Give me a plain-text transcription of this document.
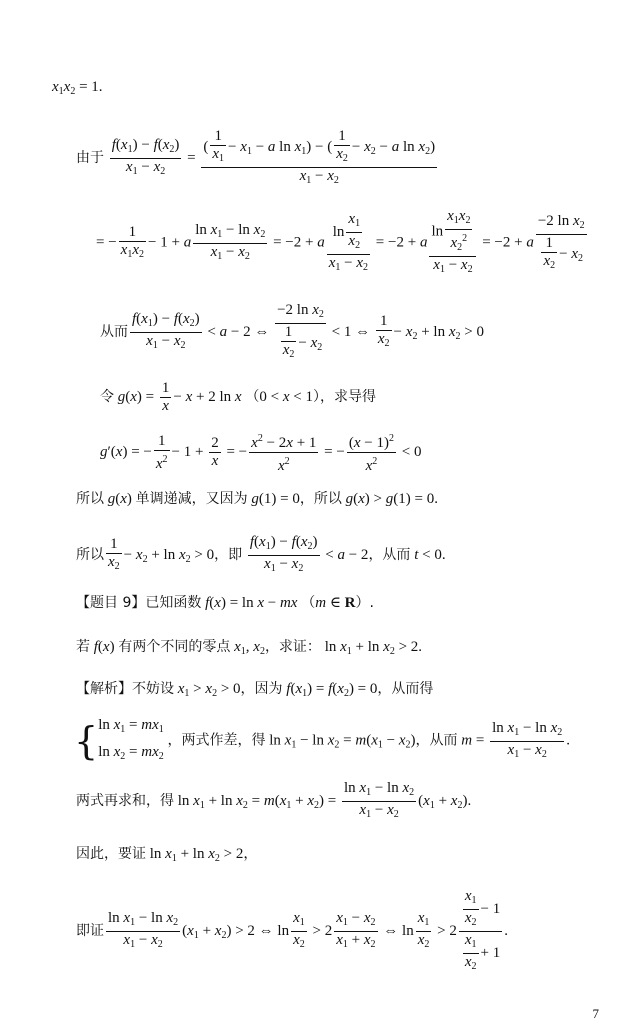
$x_1x_2 = 1$.
由于 $\frac{f(x_1) - f(x_2)}{x_1 - x_2} = \frac{( \frac{1}{x_1} - x_1 - a \ln x_1) - ( \frac{1}{x_2} - x_2 - a \ln x_2)}{x_1 - x_2}$
= − $\frac{1}{x_1x_2} - 1 + a \frac{\ln x_1 - \ln x_2}{x_1 - x_2} = -2 + a \frac{\ln \frac{x_1}{x_2}}{x_1 - x_2} = -2 + a \frac{\ln \frac{x_1x_2}{x_2^2}}{x_1 - x_2} = -2 + a \frac{-2 \ln x_2}{\frac{1}{x_2} - x_2}$
从而 $\frac{f(x_1) - f(x_2)}{x_1 - x_2} < a - 2$ ⇔ $\frac{-2 \ln x_2}{\frac{1}{x_2} - x_2} < 1$ ⇔ $\frac{1}{x_2} - x_2 + \ln x_2 > 0$
令 $g(x) = \frac{1}{x} - x + 2$ ln x （0 < x < 1），求导得
g′(x) = − $\frac{1}{x^2} - 1 + \frac{2}{x}$ = − $\frac{x^2 - 2x + 1}{x^2}$ = − $\frac{(x - 1)^2}{x^2} < 0$
所以 g(x) 单调递减，又因为 g(1) = 0，所以 g(x) > g(1) = 0.
所以 $\frac{1}{x_2} - x_2 + \ln x_2 > 0$，即 $\frac{f(x_1) - f(x_2)}{x_1 - x_2} < a - 2$，从而 t < 0.
【题目 9】已知函数 f(x) = ln x − mx （m ∈ R）.
若 f(x) 有两个不同的零点 $x_1$, $x_2$，求证： $\ln x_1 + \ln x_2 > 2$.
【解析】不妨设 $x_1 > x_2 > 0$，因为 $f(x_1) = f(x_2) = 0$，从而得
{ln $x_1 = mx_1$
$\ln x_2 = mx_2$ ，两式作差，得 $\ln x_1 - \ln x_2 = m(x_1 - x_2)$，从而 $m = \frac{\ln x_1 - \ln x_2}{x_1 - x_2}$ .
两式再求和，得 $\ln x_1 + \ln x_2 = m(x_1 + x_2) = \frac{\ln x_1 - \ln x_2}{x_1 - x_2} (x_1 + x_2)$.
因此，要证 $\ln x_1 + \ln x_2 > 2$，
即证 $\frac{\ln x_1 - \ln x_2}{x_1 - x_2} (x_1 + x_2) > 2$ ⇔ $\ln \frac{x_1}{x_2} > 2 \frac{x_1 - x_2}{x_1 + x_2}$ ⇔ $\ln \frac{x_1}{x_2} > 2 \frac{\frac{x_1}{x_2} - 1}{\frac{x_1}{x_2} + 1}$ .
7
